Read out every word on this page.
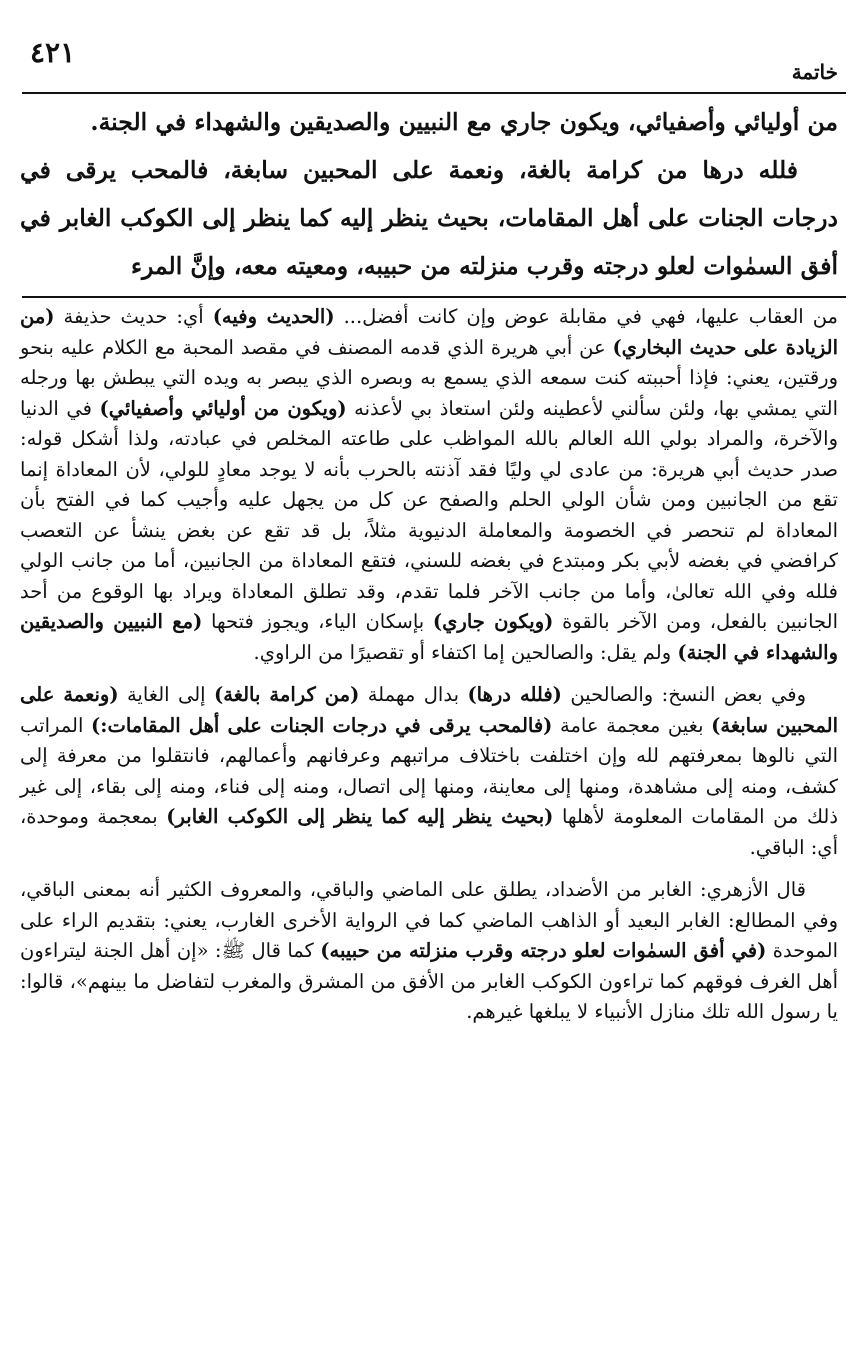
٤٢١
خاتمة

من أوليائي وأصفيائي، ويكون جاري مع النبيين والصديقين والشهداء في الجنة.

فلله درها من كرامة بالغة، ونعمة على المحبين سابغة، فالمحب يرقى في درجات الجنات على أهل المقامات، بحيث ينظر إليه كما ينظر إلى الكوكب الغابر في أفق السمٰوات لعلو درجته وقرب منزلته من حبيبه، ومعيته معه، وإنَّ المرء

من العقاب عليها، فهي في مقابلة عوض وإن كانت أفضل... (الحديث وفيه) أي: حديث حذيفة (من الزيادة على حديث البخاري) عن أبي هريرة الذي قدمه المصنف في مقصد المحبة مع الكلام عليه بنحو ورقتين، يعني: فإذا أحببته كنت سمعه الذي يسمع به وبصره الذي يبصر به ويده التي يبطش بها ورجله التي يمشي بها، ولئن سألني لأعطينه ولئن استعاذ بي لأعذنه (ويكون من أوليائي وأصفيائي) في الدنيا والآخرة، والمراد بولي الله العالم بالله المواظب على طاعته المخلص في عبادته، ولذا أشكل قوله: صدر حديث أبي هريرة: من عادى لي وليًا فقد آذنته بالحرب بأنه لا يوجد معادٍ للولي، لأن المعاداة إنما تقع من الجانبين ومن شأن الولي الحلم والصفح عن كل من يجهل عليه وأجيب كما في الفتح بأن المعاداة لم تنحصر في الخصومة والمعاملة الدنيوية مثلاً، بل قد تقع عن بغض ينشأ عن التعصب كرافضي في بغضه لأبي بكر ومبتدع في بغضه للسني، فتقع المعاداة من الجانبين، أما من جانب الولي فلله وفي الله تعالىٰ، وأما من جانب الآخر فلما تقدم، وقد تطلق المعاداة ويراد بها الوقوع من أحد الجانبين بالفعل، ومن الآخر بالقوة (ويكون جاري) بإسكان الياء، ويجوز فتحها (مع النبيين والصديقين والشهداء في الجنة) ولم يقل: والصالحين إما اكتفاء أو تقصيرًا من الراوي.

وفي بعض النسخ: والصالحين (فلله درها) بدال مهملة (من كرامة بالغة) إلى الغاية (ونعمة على المحبين سابغة) بغين معجمة عامة (فالمحب يرقى في درجات الجنات على أهل المقامات:) المراتب التي نالوها بمعرفتهم لله وإن اختلفت باختلاف مراتبهم وعرفانهم وأعمالهم، فانتقلوا من معرفة إلى كشف، ومنه إلى مشاهدة، ومنها إلى معاينة، ومنها إلى اتصال، ومنه إلى فناء، ومنه إلى بقاء، إلى غير ذلك من المقامات المعلومة لأهلها (بحيث ينظر إليه كما ينظر إلى الكوكب الغابر) بمعجمة وموحدة، أي: الباقي.

قال الأزهري: الغابر من الأضداد، يطلق على الماضي والباقي، والمعروف الكثير أنه بمعنى الباقي، وفي المطالع: الغابر البعيد أو الذاهب الماضي كما في الرواية الأخرى الغارب، يعني: بتقديم الراء على الموحدة (في أفق السمٰوات لعلو درجته وقرب منزلته من حبيبه) كما قال ﷺ: «إن أهل الجنة ليتراءون أهل الغرف فوقهم كما تراءون الكوكب الغابر من الأفق من المشرق والمغرب لتفاضل ما بينهم»، قالوا: يا رسول الله تلك منازل الأنبياء لا يبلغها غيرهم.
